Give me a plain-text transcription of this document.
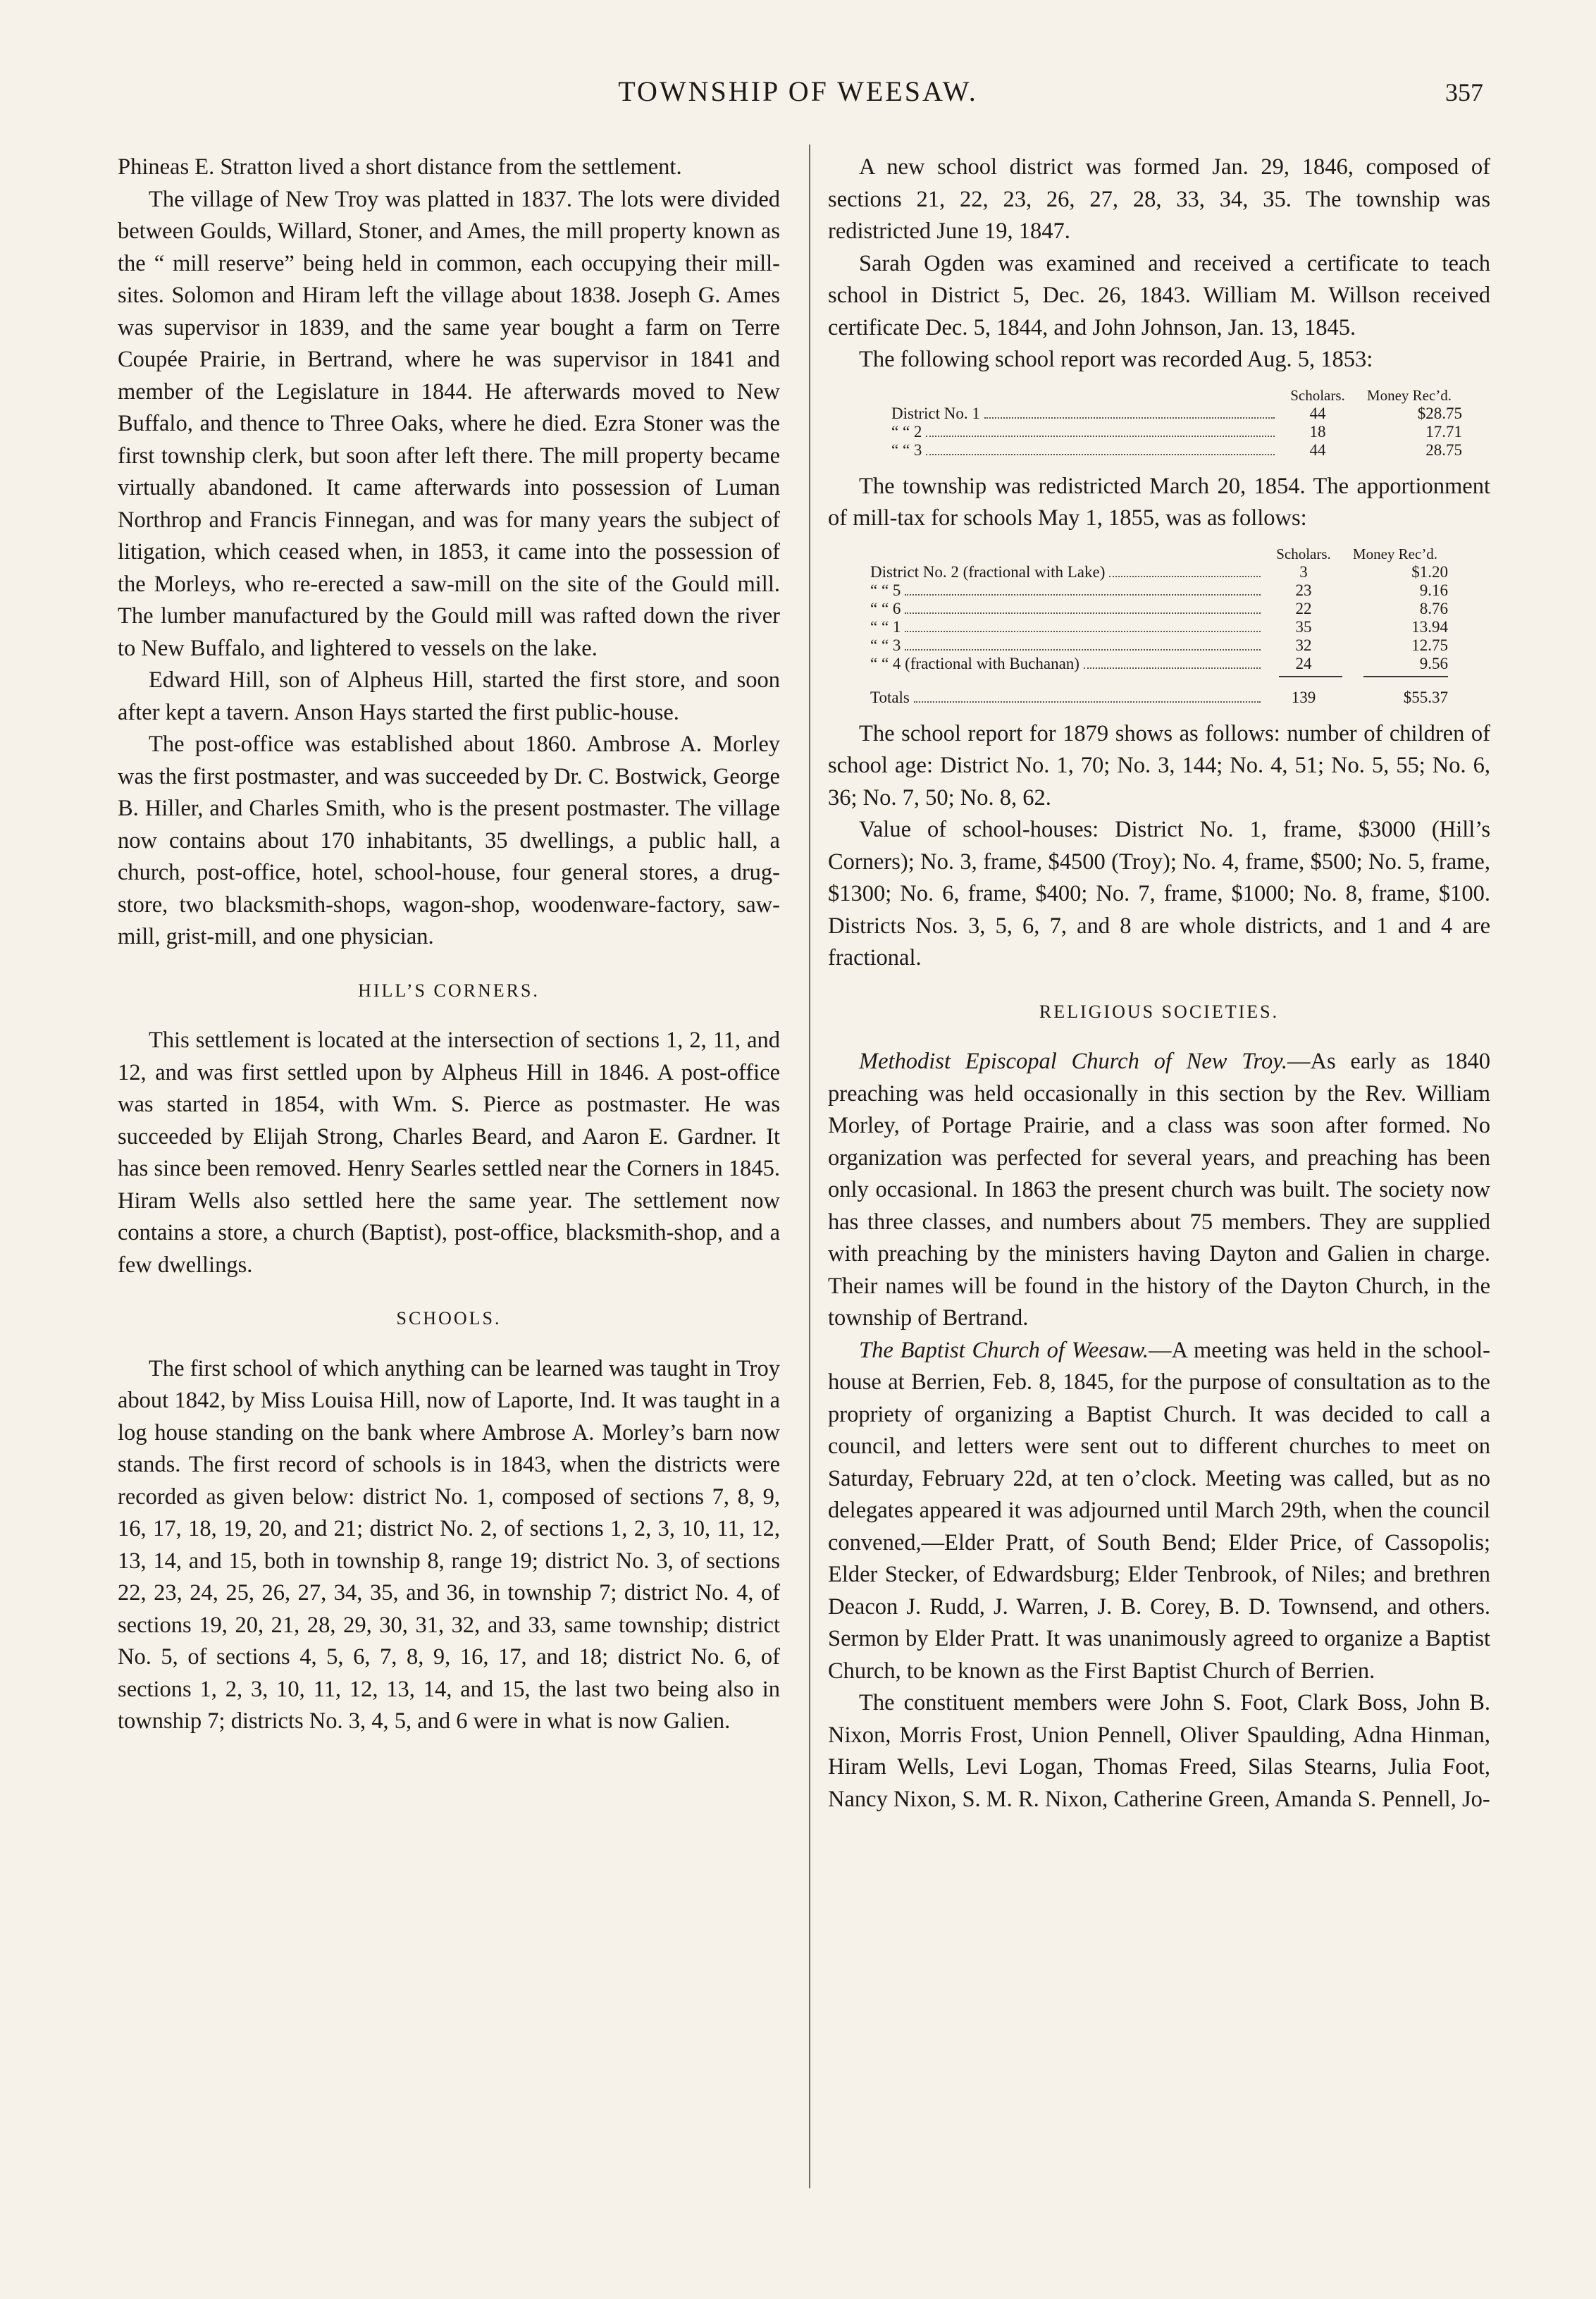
TOWNSHIP OF WEESAW.	357

Phineas E. Stratton lived a short distance from the settlement.

The village of New Troy was platted in 1837. The lots were divided between Goulds, Willard, Stoner, and Ames, the mill property known as the “ mill reserve” being held in common, each occupying their mill-sites. Solomon and Hiram left the village about 1838. Joseph G. Ames was supervisor in 1839, and the same year bought a farm on Terre Coupée Prairie, in Bertrand, where he was supervisor in 1841 and member of the Legislature in 1844. He afterwards moved to New Buffalo, and thence to Three Oaks, where he died. Ezra Stoner was the first township clerk, but soon after left there. The mill property became virtually abandoned. It came afterwards into possession of Luman Northrop and Francis Finnegan, and was for many years the subject of litigation, which ceased when, in 1853, it came into the possession of the Morleys, who re-erected a saw-mill on the site of the Gould mill. The lumber manufactured by the Gould mill was rafted down the river to New Buffalo, and lightered to vessels on the lake.

Edward Hill, son of Alpheus Hill, started the first store, and soon after kept a tavern. Anson Hays started the first public-house.

The post-office was established about 1860. Ambrose A. Morley was the first postmaster, and was succeeded by Dr. C. Bostwick, George B. Hiller, and Charles Smith, who is the present postmaster. The village now contains about 170 inhabitants, 35 dwellings, a public hall, a church, post-office, hotel, school-house, four general stores, a drug-store, two blacksmith-shops, wagon-shop, woodenware-factory, saw-mill, grist-mill, and one physician.

HILL’S CORNERS.

This settlement is located at the intersection of sections 1, 2, 11, and 12, and was first settled upon by Alpheus Hill in 1846. A post-office was started in 1854, with Wm. S. Pierce as postmaster. He was succeeded by Elijah Strong, Charles Beard, and Aaron E. Gardner. It has since been removed. Henry Searles settled near the Corners in 1845. Hiram Wells also settled here the same year. The settlement now contains a store, a church (Baptist), post-office, blacksmith-shop, and a few dwellings.

SCHOOLS.

The first school of which anything can be learned was taught in Troy about 1842, by Miss Louisa Hill, now of Laporte, Ind. It was taught in a log house standing on the bank where Ambrose A. Morley’s barn now stands. The first record of schools is in 1843, when the districts were recorded as given below: district No. 1, composed of sections 7, 8, 9, 16, 17, 18, 19, 20, and 21; district No. 2, of sections 1, 2, 3, 10, 11, 12, 13, 14, and 15, both in township 8, range 19; district No. 3, of sections 22, 23, 24, 25, 26, 27, 34, 35, and 36, in township 7; district No. 4, of sections 19, 20, 21, 28, 29, 30, 31, 32, and 33, same township; district No. 5, of sections 4, 5, 6, 7, 8, 9, 16, 17, and 18; district No. 6, of sections 1, 2, 3, 10, 11, 12, 13, 14, and 15, the last two being also in township 7; districts No. 3, 4, 5, and 6 were in what is now Galien.

A new school district was formed Jan. 29, 1846, composed of sections 21, 22, 23, 26, 27, 28, 33, 34, 35. The township was redistricted June 19, 1847.

Sarah Ogden was examined and received a certificate to teach school in District 5, Dec. 26, 1843. William M. Willson received certificate Dec. 5, 1844, and John Johnson, Jan. 13, 1845.

The following school report was recorded Aug. 5, 1853:

Scholars.	Money Rec’d.
District No. 1	44	$28.75
“ “ 2	18	17.71
“ “ 3	44	28.75

The township was redistricted March 20, 1854. The apportionment of mill-tax for schools May 1, 1855, was as follows:

Scholars.	Money Rec’d.
District No. 2 (fractional with Lake)	3	$1.20
“ “ 5	23	9.16
“ “ 6	22	8.76
“ “ 1	35	13.94
“ “ 3	32	12.75
“ “ 4 (fractional with Buchanan)	24	9.56
Totals	139	$55.37

The school report for 1879 shows as follows: number of children of school age: District No. 1, 70; No. 3, 144; No. 4, 51; No. 5, 55; No. 6, 36; No. 7, 50; No. 8, 62.

Value of school-houses: District No. 1, frame, $3000 (Hill’s Corners); No. 3, frame, $4500 (Troy); No. 4, frame, $500; No. 5, frame, $1300; No. 6, frame, $400; No. 7, frame, $1000; No. 8, frame, $100. Districts Nos. 3, 5, 6, 7, and 8 are whole districts, and 1 and 4 are fractional.

RELIGIOUS SOCIETIES.

Methodist Episcopal Church of New Troy.—As early as 1840 preaching was held occasionally in this section by the Rev. William Morley, of Portage Prairie, and a class was soon after formed. No organization was perfected for several years, and preaching has been only occasional. In 1863 the present church was built. The society now has three classes, and numbers about 75 members. They are supplied with preaching by the ministers having Dayton and Galien in charge. Their names will be found in the history of the Dayton Church, in the township of Bertrand.

The Baptist Church of Weesaw.—A meeting was held in the school-house at Berrien, Feb. 8, 1845, for the purpose of consultation as to the propriety of organizing a Baptist Church. It was decided to call a council, and letters were sent out to different churches to meet on Saturday, February 22d, at ten o’clock. Meeting was called, but as no delegates appeared it was adjourned until March 29th, when the council convened,—Elder Pratt, of South Bend; Elder Price, of Cassopolis; Elder Stecker, of Edwardsburg; Elder Tenbrook, of Niles; and brethren Deacon J. Rudd, J. Warren, J. B. Corey, B. D. Townsend, and others. Sermon by Elder Pratt. It was unanimously agreed to organize a Baptist Church, to be known as the First Baptist Church of Berrien.

The constituent members were John S. Foot, Clark Boss, John B. Nixon, Morris Frost, Union Pennell, Oliver Spaulding, Adna Hinman, Hiram Wells, Levi Logan, Thomas Freed, Silas Stearns, Julia Foot, Nancy Nixon, S. M. R. Nixon, Catherine Green, Amanda S. Pennell, Jo-
